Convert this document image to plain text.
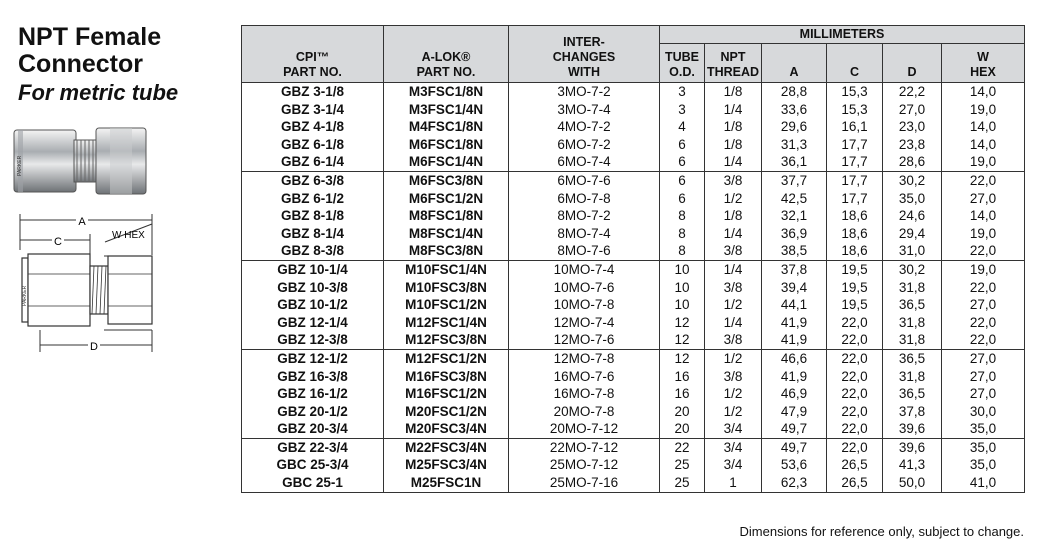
NPT Female
Connector
For metric tube
PARKER
A
C
W HEX
D
PARKER
CPI™
PART NO.	A-LOK®
PART NO.	INTER-
CHANGES
WITH	MILLIMETERS					
			TUBE
O.D.	NPT
THREAD	A	C	D	W
HEX
GBZ 3-1/8	M3FSC1/8N	3MO-7-2	3	1/8	28,8	15,3	22,2	14,0
GBZ 3-1/4	M3FSC1/4N	3MO-7-4	3	1/4	33,6	15,3	27,0	19,0
GBZ 4-1/8	M4FSC1/8N	4MO-7-2	4	1/8	29,6	16,1	23,0	14,0
GBZ 6-1/8	M6FSC1/8N	6MO-7-2	6	1/8	31,3	17,7	23,8	14,0
GBZ 6-1/4	M6FSC1/4N	6MO-7-4	6	1/4	36,1	17,7	28,6	19,0
GBZ 6-3/8	M6FSC3/8N	6MO-7-6	6	3/8	37,7	17,7	30,2	22,0
GBZ 6-1/2	M6FSC1/2N	6MO-7-8	6	1/2	42,5	17,7	35,0	27,0
GBZ 8-1/8	M8FSC1/8N	8MO-7-2	8	1/8	32,1	18,6	24,6	14,0
GBZ 8-1/4	M8FSC1/4N	8MO-7-4	8	1/4	36,9	18,6	29,4	19,0
GBZ 8-3/8	M8FSC3/8N	8MO-7-6	8	3/8	38,5	18,6	31,0	22,0
GBZ 10-1/4	M10FSC1/4N	10MO-7-4	10	1/4	37,8	19,5	30,2	19,0
GBZ 10-3/8	M10FSC3/8N	10MO-7-6	10	3/8	39,4	19,5	31,8	22,0
GBZ 10-1/2	M10FSC1/2N	10MO-7-8	10	1/2	44,1	19,5	36,5	27,0
GBZ 12-1/4	M12FSC1/4N	12MO-7-4	12	1/4	41,9	22,0	31,8	22,0
GBZ 12-3/8	M12FSC3/8N	12MO-7-6	12	3/8	41,9	22,0	31,8	22,0
GBZ 12-1/2	M12FSC1/2N	12MO-7-8	12	1/2	46,6	22,0	36,5	27,0
GBZ 16-3/8	M16FSC3/8N	16MO-7-6	16	3/8	41,9	22,0	31,8	27,0
GBZ 16-1/2	M16FSC1/2N	16MO-7-8	16	1/2	46,9	22,0	36,5	27,0
GBZ 20-1/2	M20FSC1/2N	20MO-7-8	20	1/2	47,9	22,0	37,8	30,0
GBZ 20-3/4	M20FSC3/4N	20MO-7-12	20	3/4	49,7	22,0	39,6	35,0
GBZ 22-3/4	M22FSC3/4N	22MO-7-12	22	3/4	49,7	22,0	39,6	35,0
GBC 25-3/4	M25FSC3/4N	25MO-7-12	25	3/4	53,6	26,5	41,3	35,0
GBC 25-1	M25FSC1N	25MO-7-16	25	1	62,3	26,5	50,0	41,0
Dimensions for reference only, subject to change.
